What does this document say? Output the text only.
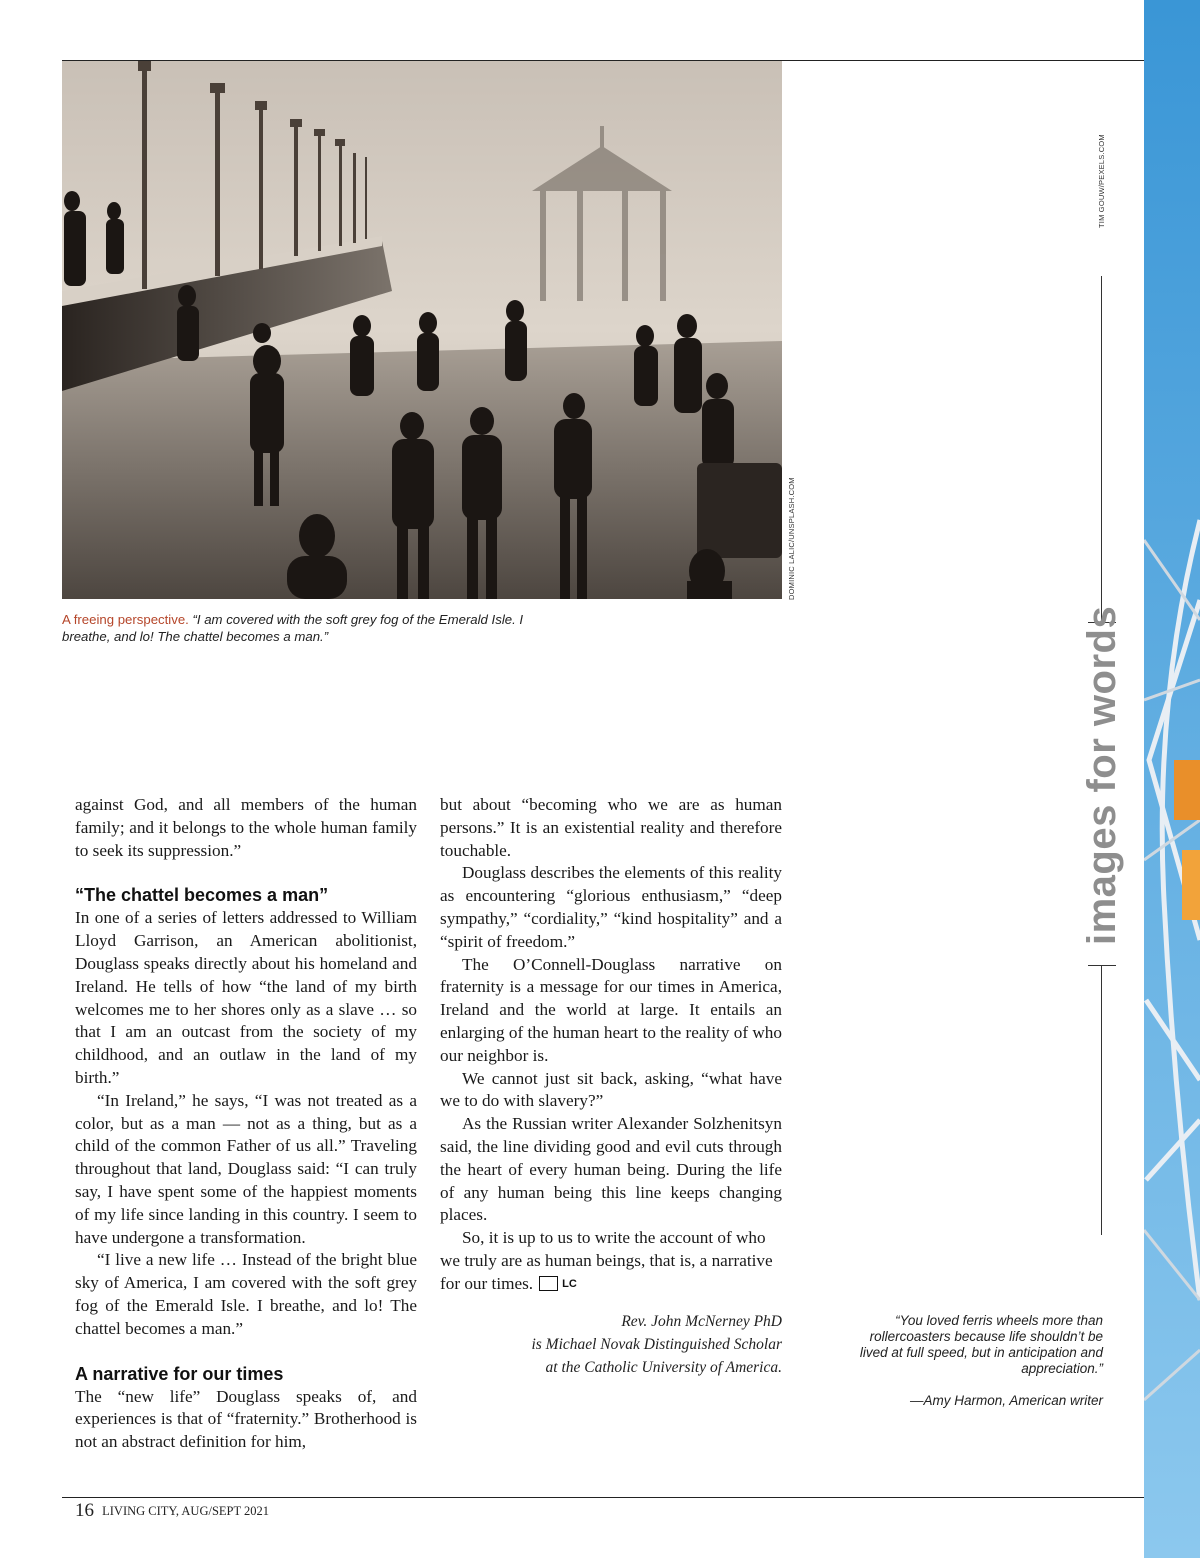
DOMINIC LALIC/UNSPLASH.COM
A freeing perspective. “I am covered with the soft grey fog of the Emerald Isle. I breathe, and lo! The chattel becomes a man.”

against God, and all members of the human family; and it belongs to the whole human family to seek its suppression.”

“The chattel becomes a man”

In one of a series of letters addressed to William Lloyd Garrison, an American abolitionist, Douglass speaks directly about his homeland and Ireland. He tells of how “the land of my birth welcomes me to her shores only as a slave … so that I am an outcast from the society of my childhood, and an outlaw in the land of my birth.”

“In Ireland,” he says, “I was not treated as a color, but as a man — not as a thing, but as a child of the common Father of us all.” Traveling throughout that land, Douglass said: “I can truly say, I have spent some of the happiest moments of my life since landing in this country. I seem to have undergone a transformation.

“I live a new life … Instead of the bright blue sky of America, I am covered with the soft grey fog of the Emerald Isle. I breathe, and lo! The chattel becomes a man.”

A narrative for our times

The “new life” Douglass speaks of, and experiences is that of “fraternity.” Brotherhood is not an abstract definition for him,

but about “becoming who we are as human persons.” It is an existential reality and therefore touchable.

Douglass describes the elements of this reality as encountering “glorious enthusiasm,” “deep sympathy,” “cordiality,” “kind hospitality” and a “spirit of freedom.”

The O’Connell-Douglass narrative on fraternity is a message for our times in America, Ireland and the world at large. It entails an enlarging of the human heart to the reality of who our neighbor is.

We cannot just sit back, asking, “what have we to do with slavery?”

As the Russian writer Alexander Solzhenitsyn said, the line dividing good and evil cuts through the heart of every human being. During the life of any human being this line keeps changing places.

So, it is up to us to write the account of who we truly are as human beings, that is, a narrative for our times.	LC

Rev. John McNerney PhD
is Michael Novak Distinguished Scholar
at the Catholic University of America.
TIM GOUW/PEXELS.COM
images for words
“You loved ferris wheels more than rollercoasters because life shouldn’t be lived at full speed, but in anticipation and appreciation.”
—Amy Harmon, American writer
16 LIVING CITY, AUG/SEPT 2021
